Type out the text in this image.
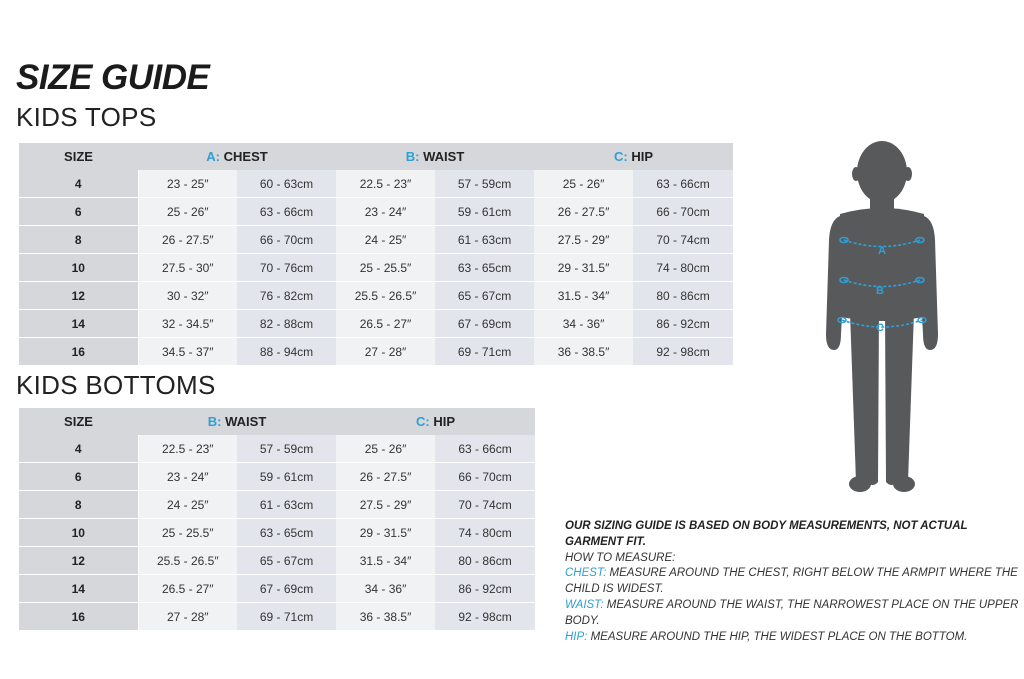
SIZE GUIDE
KIDS TOPS
SIZE	A: CHEST		B: WAIST		C: HIP	
4	23 - 25″	60 - 63cm	22.5 - 23″	57 - 59cm	25 - 26″	63 - 66cm
6	25 - 26″	63 - 66cm	23 - 24″	59 - 61cm	26 - 27.5″	66 - 70cm
8	26 - 27.5″	66 - 70cm	24 - 25″	61 - 63cm	27.5 - 29″	70 - 74cm
10	27.5 - 30″	70 - 76cm	25 - 25.5″	63 - 65cm	29 - 31.5″	74 - 80cm
12	30 - 32″	76 - 82cm	25.5 - 26.5″	65 - 67cm	31.5 - 34″	80 - 86cm
14	32 - 34.5″	82 - 88cm	26.5 - 27″	67 - 69cm	34 - 36″	86 - 92cm
16	34.5 - 37″	88 - 94cm	27 - 28″	69 - 71cm	36 - 38.5″	92 - 98cm
KIDS BOTTOMS
SIZE	B: WAIST		C: HIP	
4	22.5 - 23″	57 - 59cm	25 - 26″	63 - 66cm
6	23 - 24″	59 - 61cm	26 - 27.5″	66 - 70cm
8	24 - 25″	61 - 63cm	27.5 - 29″	70 - 74cm
10	25 - 25.5″	63 - 65cm	29 - 31.5″	74 - 80cm
12	25.5 - 26.5″	65 - 67cm	31.5 - 34″	80 - 86cm
14	26.5 - 27″	67 - 69cm	34 - 36″	86 - 92cm
16	27 - 28″	69 - 71cm	36 - 38.5″	92 - 98cm
A
B
C
OUR SIZING GUIDE IS BASED ON BODY MEASUREMENTS, NOT ACTUAL GARMENT FIT.
HOW TO MEASURE:
CHEST: MEASURE AROUND THE CHEST, RIGHT BELOW THE ARMPIT WHERE THE CHILD IS WIDEST.
WAIST: MEASURE AROUND THE WAIST, THE NARROWEST PLACE ON THE UPPER BODY.
HIP: MEASURE AROUND THE HIP, THE WIDEST PLACE ON THE BOTTOM.
